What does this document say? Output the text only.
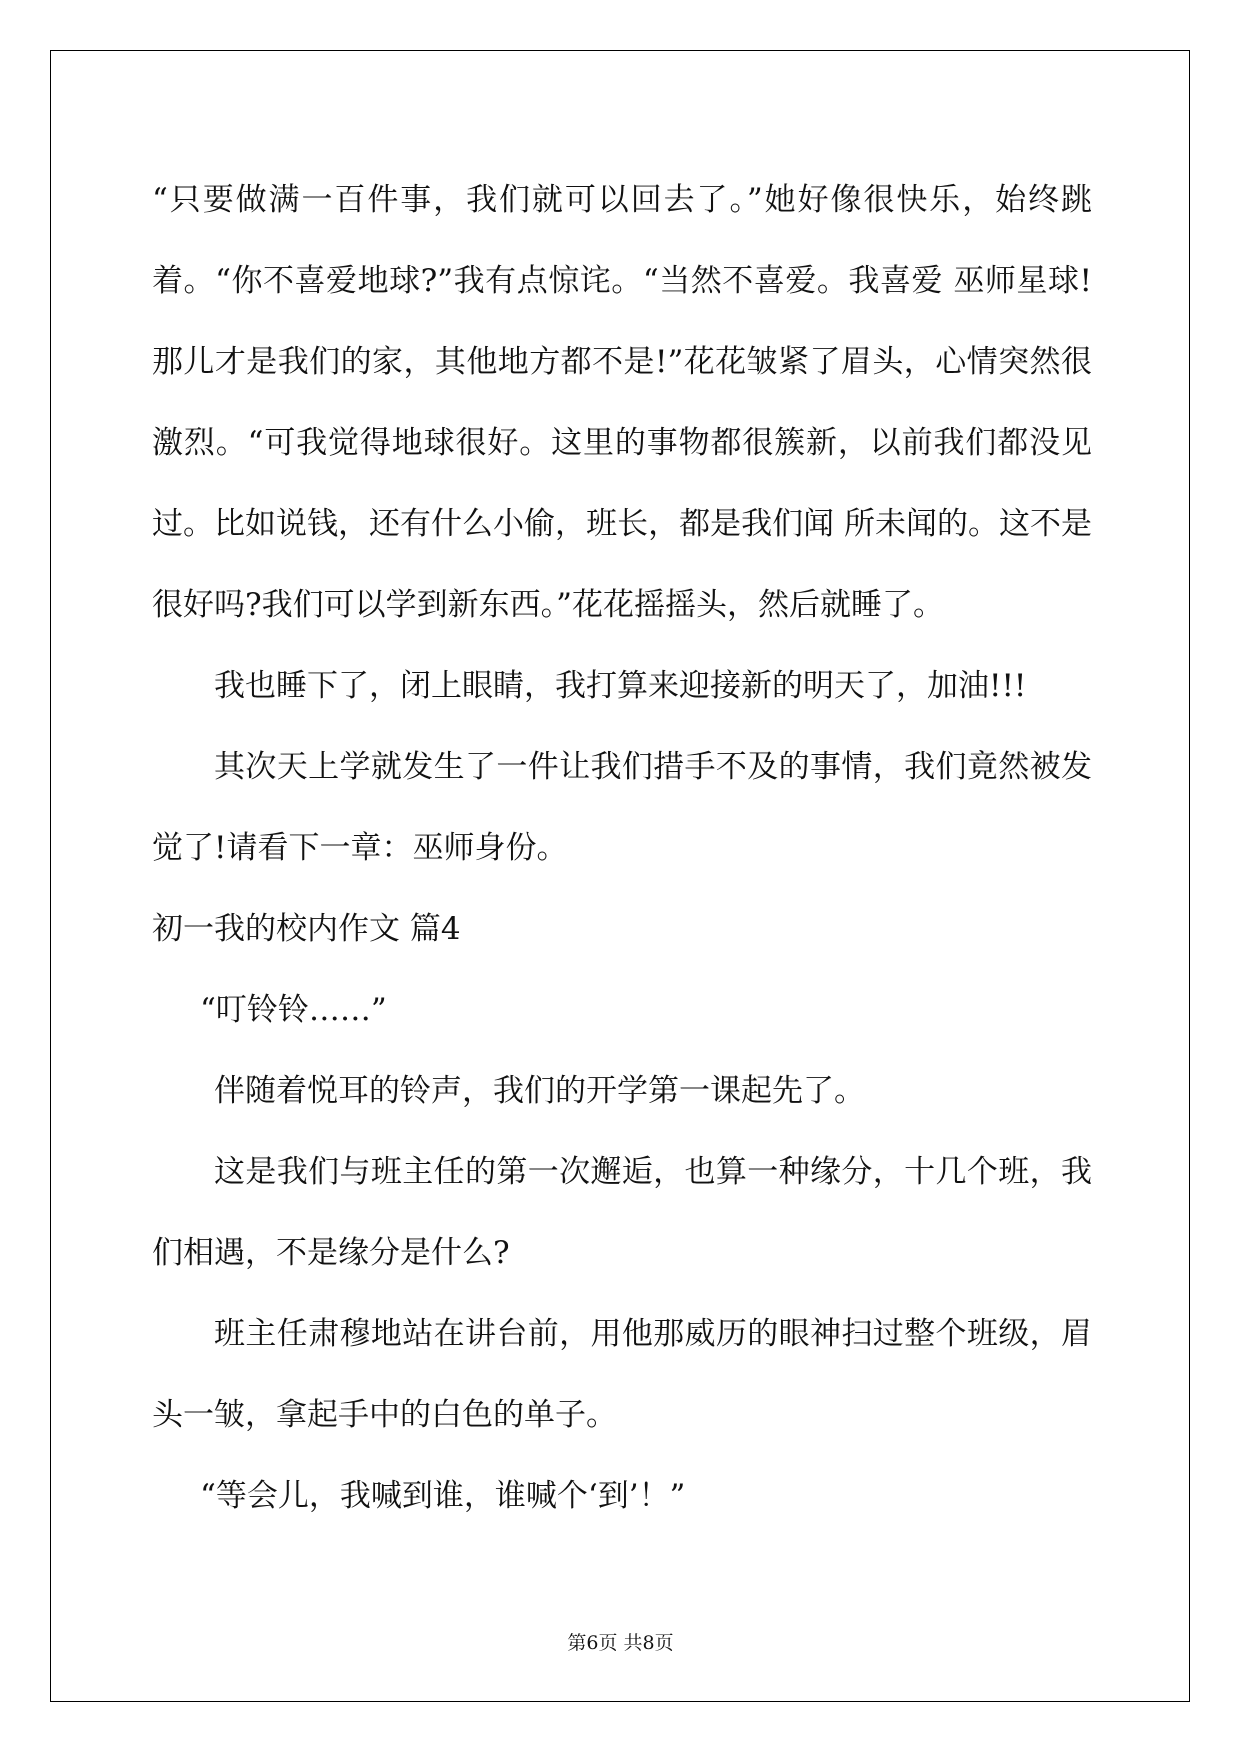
“只要做满一百件事，我们就可以回去了。”她好像很快乐，始终跳着。“你不喜爱地球?”我有点惊诧。“当然不喜爱。我喜爱 巫师星球!那儿才是我们的家，其他地方都不是!”花花皱紧了眉头，心情突然很激烈。“可我觉得地球很好。这里的事物都很簇新，以前我们都没见过。比如说钱，还有什么小偷，班长，都是我们闻 所未闻的。这不是很好吗?我们可以学到新东西。”花花摇摇头，然后就睡了。

我也睡下了，闭上眼睛，我打算来迎接新的明天了，加油!!!

其次天上学就发生了一件让我们措手不及的事情，我们竟然被发觉了!请看下一章：巫师身份。

初一我的校内作文 篇4

“叮铃铃……”

伴随着悦耳的铃声，我们的开学第一课起先了。

这是我们与班主任的第一次邂逅，也算一种缘分，十几个班，我们相遇，不是缘分是什么?

班主任肃穆地站在讲台前，用他那威历的眼神扫过整个班级，眉头一皱，拿起手中的白色的单子。

“等会儿，我喊到谁，谁喊个‘到’！”

第6页 共8页
